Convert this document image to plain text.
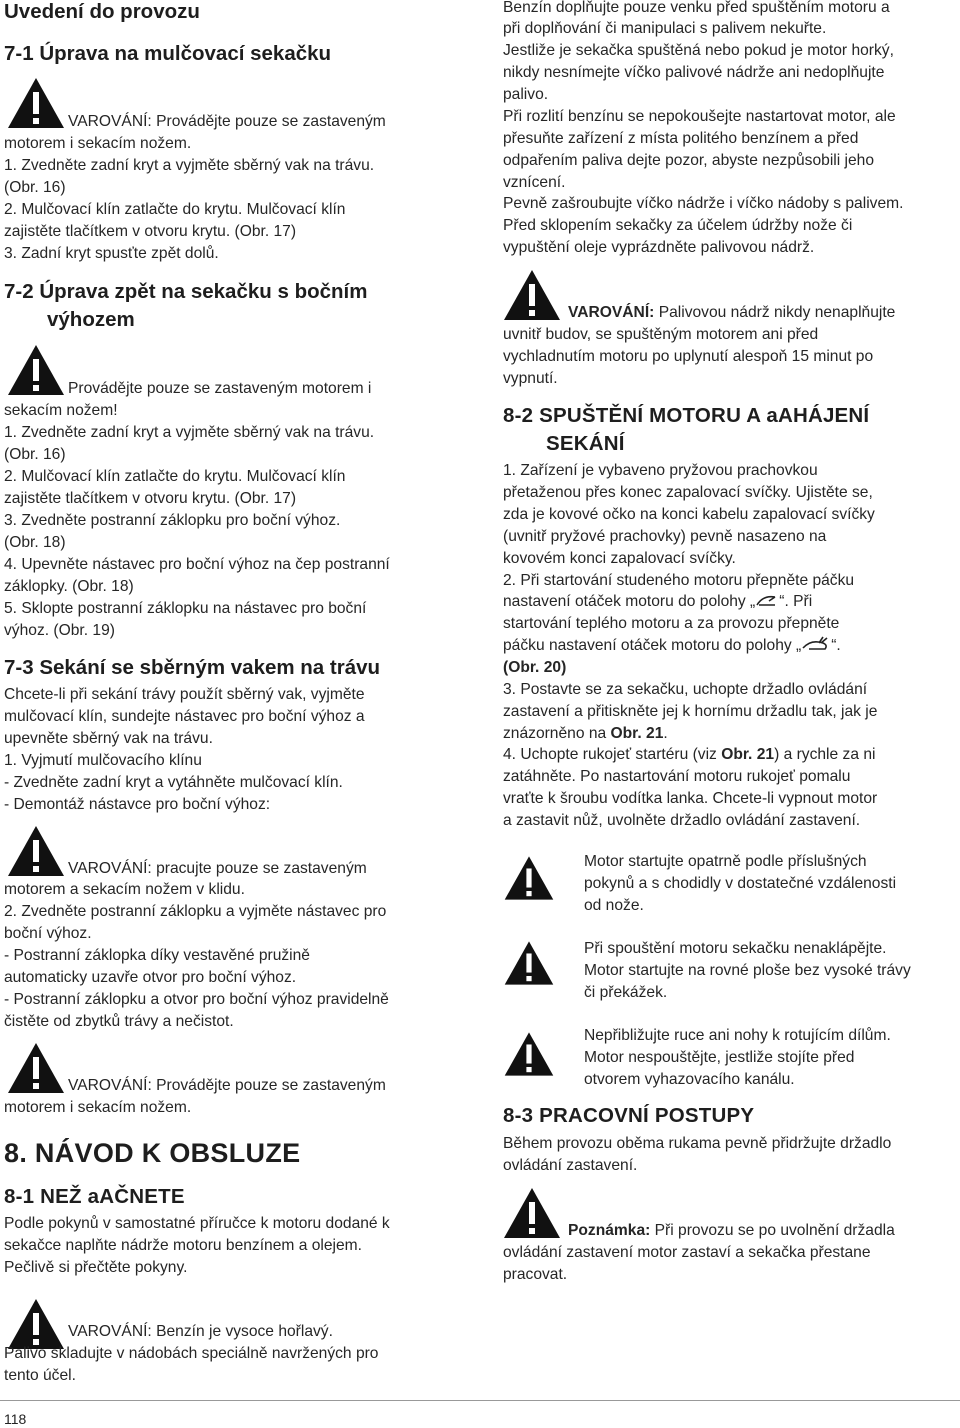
Uvedení do provozu
7-1 Úprava na mulčovací sekačku
VAROVÁNÍ: Provádějte pouze se zastaveným
motorem i sekacím nožem.
1. Zvedněte zadní kryt a vyjměte sběrný vak na trávu.
(Obr. 16)
2. Mulčovací klín zatlačte do krytu. Mulčovací klín
zajistěte tlačítkem v otvoru krytu. (Obr. 17)
3. Zadní kryt spusťte zpět dolů.
7-2 Úprava zpět na sekačku s bočním
výhozem
Provádějte pouze se zastaveným motorem i
sekacím nožem!
1. Zvedněte zadní kryt a vyjměte sběrný vak na trávu.
(Obr. 16)
2. Mulčovací klín zatlačte do krytu. Mulčovací klín
zajistěte tlačítkem v otvoru krytu. (Obr. 17)
3. Zvedněte postranní záklopku pro boční výhoz.
(Obr. 18)
4. Upevněte nástavec pro boční výhoz na čep postranní
záklopky. (Obr. 18)
5. Sklopte postranní záklopku na nástavec pro boční
výhoz. (Obr. 19)
7-3 Sekání se sběrným vakem na trávu
Chcete-li při sekání trávy použít sběrný vak, vyjměte
mulčovací klín, sundejte nástavec pro boční výhoz a
upevněte sběrný vak na trávu.
1. Vyjmutí mulčovacího klínu
- Zvedněte zadní kryt a vytáhněte mulčovací klín.
- Demontáž nástavce pro boční výhoz:
VAROVÁNÍ: pracujte pouze se zastaveným
motorem a sekacím nožem v klidu.
2. Zvedněte postranní záklopku a vyjměte nástavec pro
boční výhoz.
- Postranní záklopka díky vestavěné pružině
automaticky uzavře otvor pro boční výhoz.
- Postranní záklopku a otvor pro boční výhoz pravidelně
čistěte od zbytků trávy a nečistot.
VAROVÁNÍ: Provádějte pouze se zastaveným
motorem i sekacím nožem.
8. NÁVOD K OBSLUZE
8-1 NEŽ aAČNETE
Podle pokynů v samostatné příručce k motoru dodané k
sekačce naplňte nádrže motoru benzínem a olejem.
Pečlivě si přečtěte pokyny.
VAROVÁNÍ: Benzín je vysoce hořlavý.
Palivo skladujte v nádobách speciálně navržených pro
tento účel.
Benzín doplňujte pouze venku před spuštěním motoru a
při doplňování či manipulaci s palivem nekuřte.
Jestliže je sekačka spuštěná nebo pokud je motor horký,
nikdy nesnímejte víčko palivové nádrže ani nedoplňujte
palivo.
Při rozlití benzínu se nepokoušejte nastartovat motor, ale
přesuňte zařízení z místa politého benzínem a před
odpařením paliva dejte pozor, abyste nezpůsobili jeho
vznícení.
Pevně zašroubujte víčko nádrže i víčko nádoby s palivem.
Před sklopením sekačky za účelem údržby nože či
vypuštění oleje vyprázdněte palivovou nádrž.
VAROVÁNÍ: Palivovou nádrž nikdy nenaplňujte
uvnitř budov, se spuštěným motorem ani před
vychladnutím motoru po uplynutí alespoň 15 minut po
vypnutí.
8-2 SPUŠTĚNÍ MOTORU A aAHÁJENÍ
SEKÁNÍ
1. Zařízení je vybaveno pryžovou prachovkou
přetaženou přes konec zapalovací svíčky. Ujistěte se,
zda je kovové očko na konci kabelu zapalovací svíčky
(uvnitř pryžové prachovky) pevně nasazeno na
kovovém konci zapalovací svíčky.
2. Při startování studeného motoru přepněte páčku
nastavení otáček motoru do polohy „ “. Při
startování teplého motoru a za provozu přepněte
páčku nastavení otáček motoru do polohy „ “.
(Obr. 20)
3. Postavte se za sekačku, uchopte držadlo ovládání
zastavení a přitiskněte jej k hornímu držadlu tak, jak je
znázorněno na Obr. 21.
4. Uchopte rukojeť startéru (viz Obr. 21) a rychle za ni
zatáhněte. Po nastartování motoru rukojeť pomalu
vraťte k šroubu vodítka lanka. Chcete-li vypnout motor
a zastavit nůž, uvolněte držadlo ovládání zastavení.
Motor startujte opatrně podle příslušných
pokynů a s chodidly v dostatečné vzdálenosti
od nože.
Při spouštění motoru sekačku nenaklápějte.
Motor startujte na rovné ploše bez vysoké trávy
či překážek.
Nepřibližujte ruce ani nohy k rotujícím dílům.
Motor nespouštějte, jestliže stojíte před
otvorem vyhazovacího kanálu.
8-3 PRACOVNÍ POSTUPY
Během provozu oběma rukama pevně přidržujte držadlo
ovládání zastavení.
Poznámka: Při provozu se po uvolnění držadla
ovládání zastavení motor zastaví a sekačka přestane
pracovat.
118
